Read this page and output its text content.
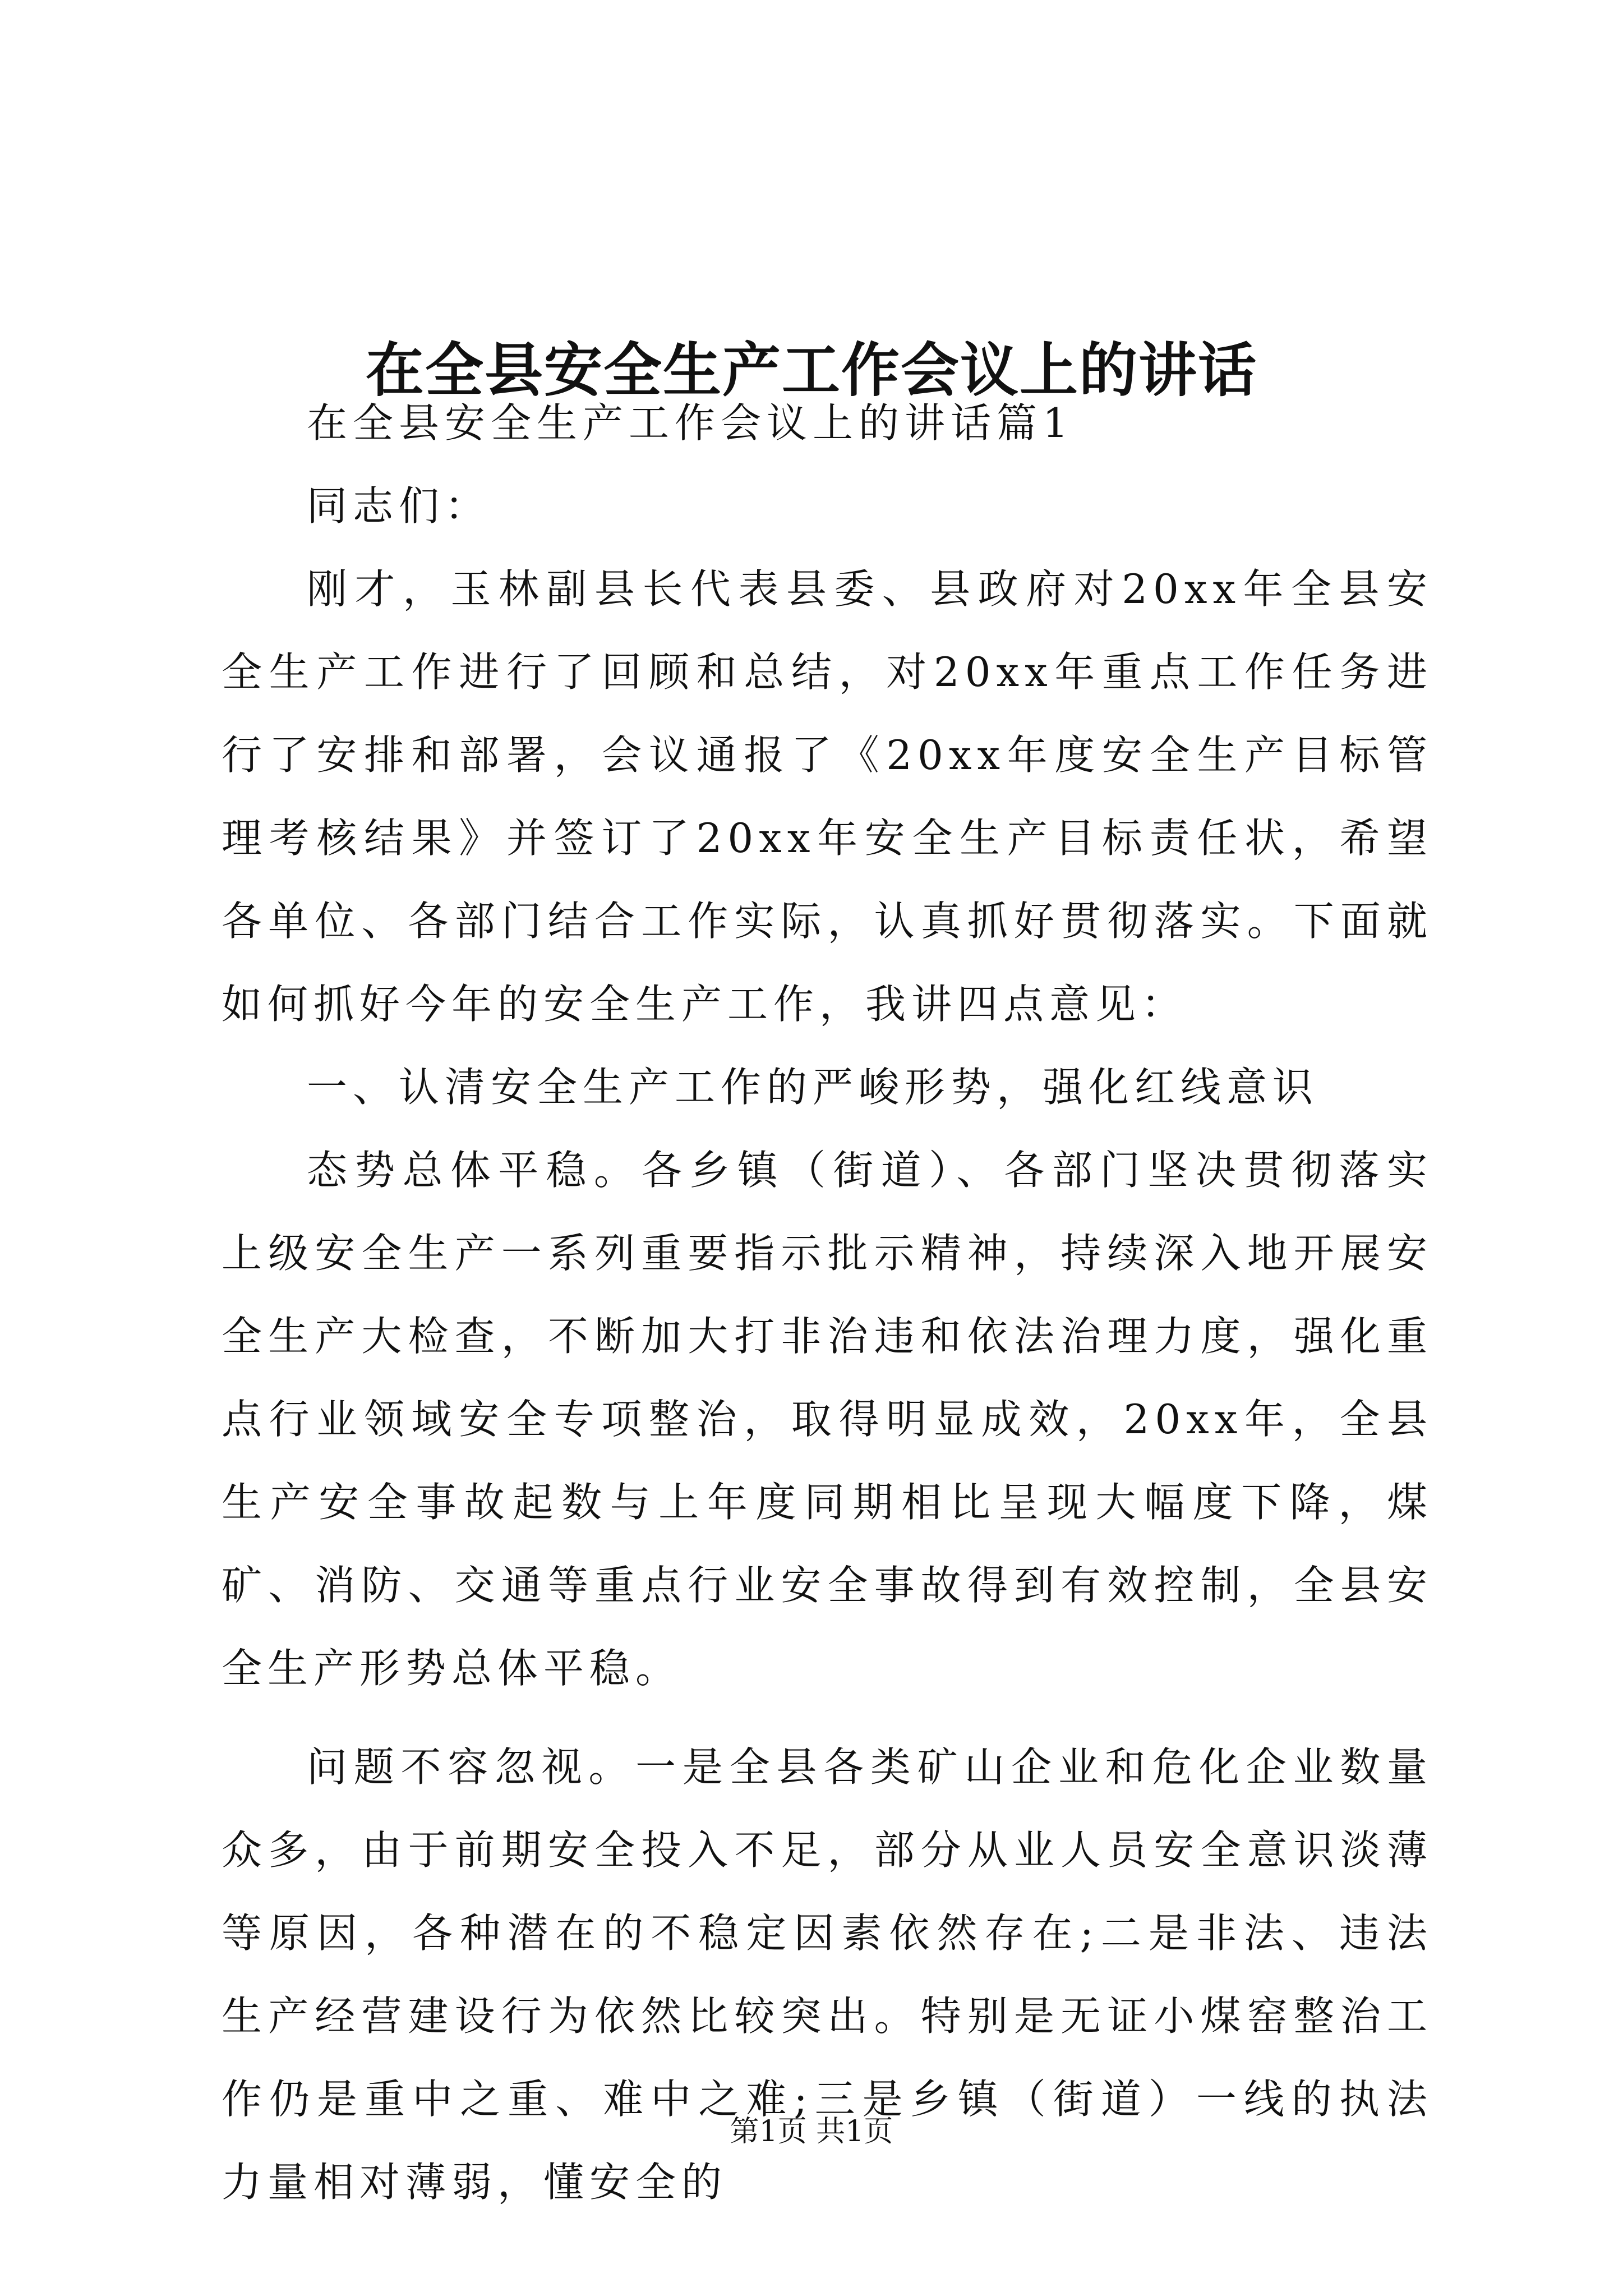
在全县安全生产工作会议上的讲话

在全县安全生产工作会议上的讲话篇1

同志们：

刚才，玉林副县长代表县委、县政府对20xx年全县安全生产工作进行了回顾和总结，对20xx年重点工作任务进行了安排和部署，会议通报了《20xx年度安全生产目标管理考核结果》并签订了20xx年安全生产目标责任状，希望各单位、各部门结合工作实际，认真抓好贯彻落实。下面就如何抓好今年的安全生产工作，我讲四点意见：

一、认清安全生产工作的严峻形势，强化红线意识

态势总体平稳。各乡镇（街道）、各部门坚决贯彻落实上级安全生产一系列重要指示批示精神，持续深入地开展安全生产大检查，不断加大打非治违和依法治理力度，强化重点行业领域安全专项整治，取得明显成效，20xx年，全县生产安全事故起数与上年度同期相比呈现大幅度下降，煤矿、消防、交通等重点行业安全事故得到有效控制，全县安全生产形势总体平稳。

问题不容忽视。一是全县各类矿山企业和危化企业数量众多，由于前期安全投入不足，部分从业人员安全意识淡薄等原因，各种潜在的不稳定因素依然存在;二是非法、违法生产经营建设行为依然比较突出。特别是无证小煤窑整治工作仍是重中之重、难中之难;三是乡镇（街道）一线的执法力量相对薄弱，懂安全的

第1页 共1页
